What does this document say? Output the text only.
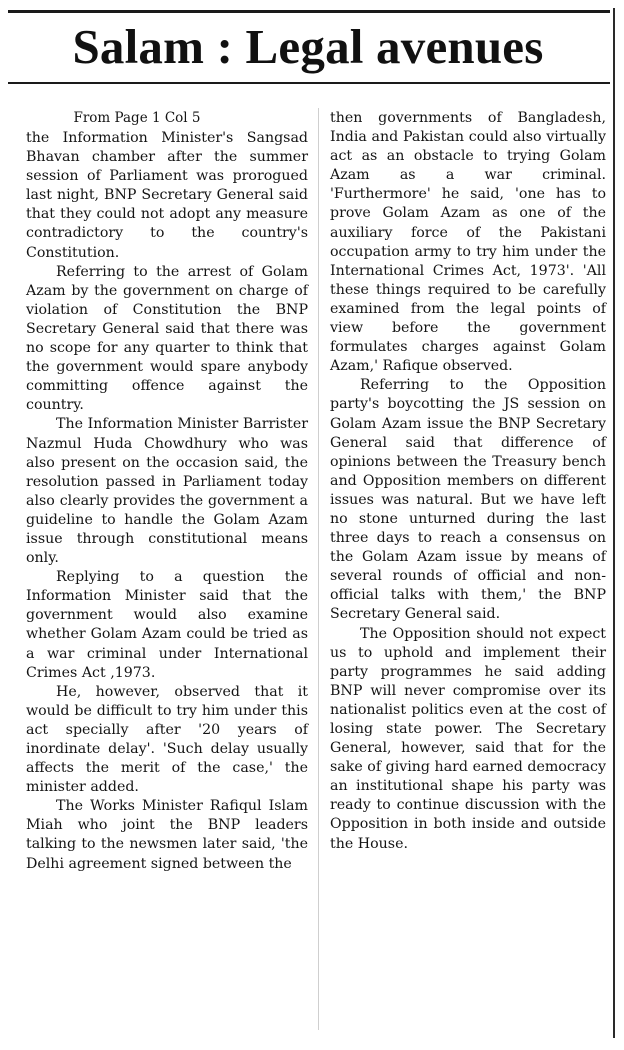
Salam : Legal avenues

From Page 1 Col 5

the Information Minister's Sangsad Bhavan chamber after the summer session of Parliament was prorogued last night, BNP Secretary General said that they could not adopt any measure contradictory to the country's Constitution.

Referring to the arrest of Golam Azam by the government on charge of violation of Constitution the BNP Secretary General said that there was no scope for any quarter to think that the government would spare anybody committing offence against the country.

The Information Minister Barrister Nazmul Huda Chowdhury who was also present on the occasion said, the resolution passed in Parliament today also clearly provides the government a guideline to handle the Golam Azam issue through constitutional means only.

Replying to a question the Information Minister said that the government would also examine whether Golam Azam could be tried as a war criminal under International Crimes Act ,1973.

He, however, observed that it would be difficult to try him under this act specially after '20 years of inordinate delay'. 'Such delay usually affects the merit of the case,' the minister added.

The Works Minister Rafiqul Islam Miah who joint the BNP leaders talking to the newsmen later said, 'the Delhi agreement signed between the

then governments of Bangladesh, India and Pakistan could also virtually act as an obstacle to trying Golam Azam as a war criminal. 'Furthermore' he said, 'one has to prove Golam Azam as one of the auxiliary force of the Pakistani occupation army to try him under the International Crimes Act, 1973'. 'All these things required to be carefully examined from the legal points of view before the government formulates charges against Golam Azam,' Rafique observed.

Referring to the Opposition party's boycotting the JS session on Golam Azam issue the BNP Secretary General said that difference of opinions between the Treasury bench and Opposition members on different issues was natural. But we have left no stone unturned during the last three days to reach a consensus on the Golam Azam issue by means of several rounds of official and non-official talks with them,' the BNP Secretary General said.

The Opposition should not expect us to uphold and implement their party programmes he said adding BNP will never compromise over its nationalist politics even at the cost of losing state power. The Secretary General, however, said that for the sake of giving hard earned democracy an institutional shape his party was ready to continue discussion with the Opposition in both inside and outside the House.
